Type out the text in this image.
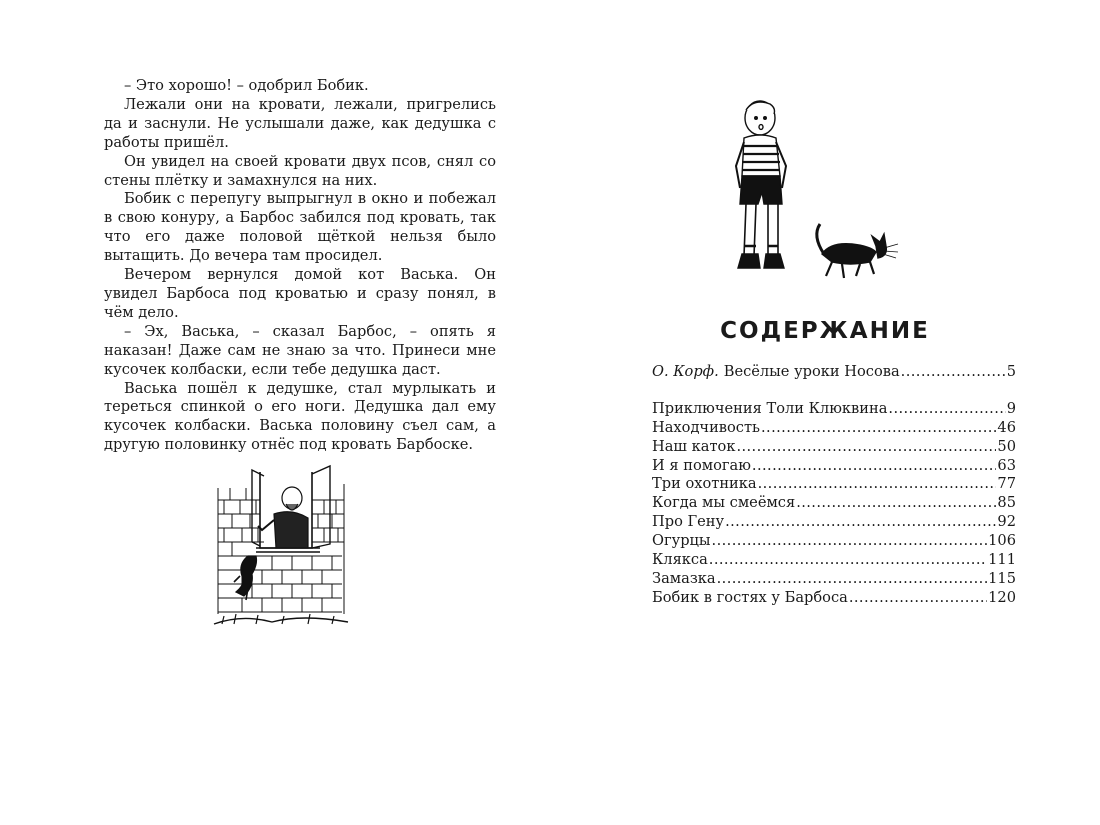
– Это хорошо! – одобрил Бобик.

Лежали они на кровати, лежали, пригрелись да и заснули. Не услышали даже, как дедушка с работы пришёл.

Он увидел на своей кровати двух псов, снял со стены плётку и замахнулся на них.

Бобик с перепугу выпрыгнул в окно и побежал в свою конуру, а Барбос забился под кровать, так что его даже половой щёткой нельзя было вытащить. До вечера там просидел.

Вечером вернулся домой кот Васька. Он увидел Барбоса под кроватью и сразу понял, в чём дело.

– Эх, Васька, – сказал Барбос, – опять я наказан! Даже сам не знаю за что. Принеси мне кусочек колбаски, если тебе дедушка даст.

Васька пошёл к дедушке, стал мурлыкать и тереться спинкой о его ноги. Дедушка дал ему кусочек колбаски. Васька половину съел сам, а другую половинку отнёс под кровать Барбоске.

СОДЕРЖАНИЕ
О. Корф. Весёлые уроки Носова .....	5
Приключения Толи Клюквина .....	9
Находчивость .....	46
Наш каток .....	50
И я помогаю .....	63
Три охотника .....	77
Когда мы смеёмся .....	85
Про Гену .....	92
Огурцы .....	106
Клякса .....	111
Замазка .....	115
Бобик в гостях у Барбоса .....	120
